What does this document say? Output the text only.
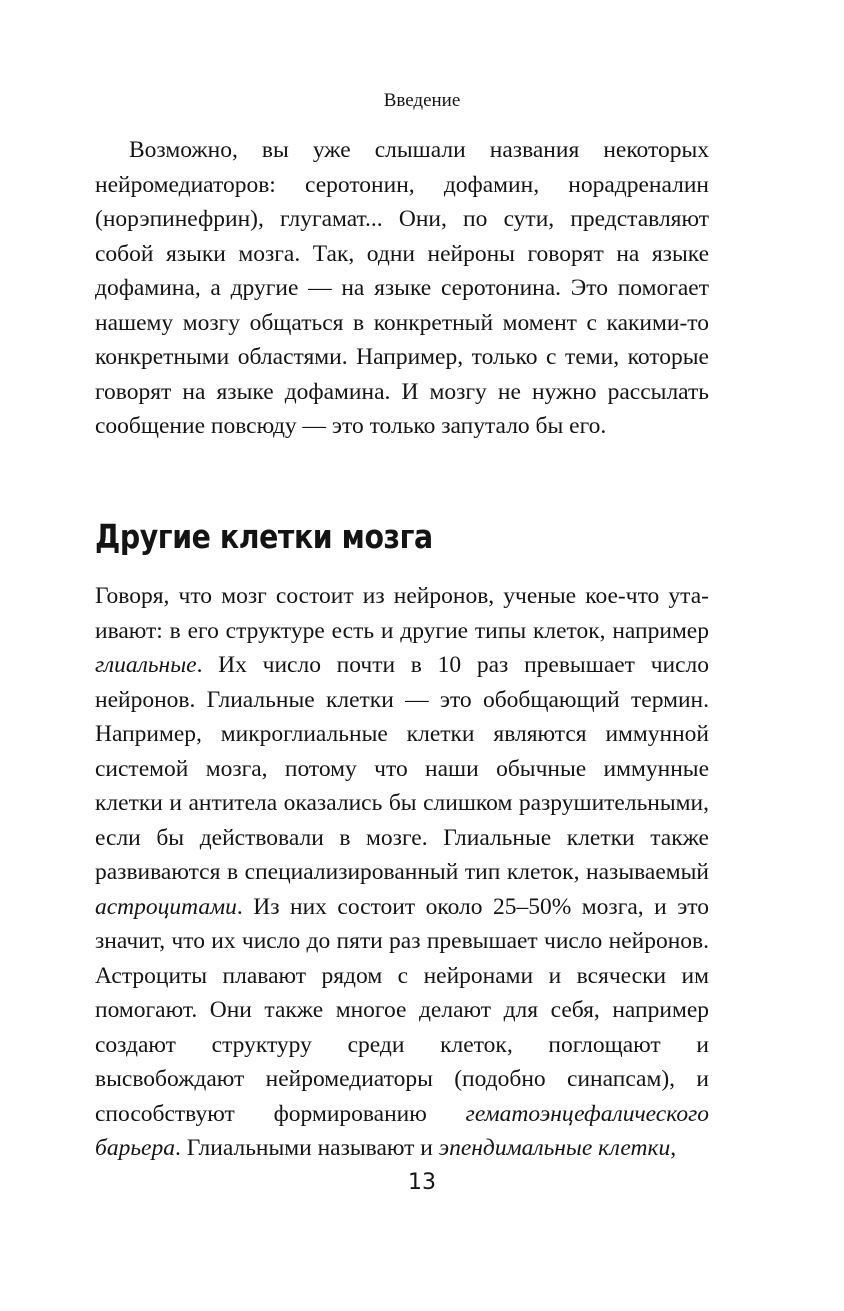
Введение

Возможно, вы уже слышали названия некоторых нейромедиаторов: серотонин, дофамин, норадреналин (норэпинефрин), глугамат... Они, по сути, представляют собой языки мозга. Так, одни нейроны говорят на языке дофамина, а другие — на языке серотонина. Это помогает нашему мозгу общаться в конкретный момент с какими-то конкретными областями. Например, только с теми, которые говорят на языке дофамина. И мозгу не нужно рассылать сообщение повсюду — это только запутало бы его.

Другие клетки мозга

Говоря, что мозг состоит из нейронов, ученые кое-что утаивают: в его структуре есть и другие типы клеток, например глиальные. Их число почти в 10 раз превышает число нейронов. Глиальные клетки — это обобщающий термин. Например, микроглиальные клетки являются иммунной системой мозга, потому что наши обычные иммунные клетки и антитела оказались бы слишком разрушительными, если бы действовали в мозге. Глиальные клетки также развиваются в специализированный тип клеток, называемый астроцитами. Из них состоит около 25–50% мозга, и это значит, что их число до пяти раз превышает число нейронов. Астроциты плавают рядом с нейронами и всячески им помогают. Они также многое делают для себя, например создают структуру среди клеток, поглощают и высвобождают нейромедиаторы (подобно синапсам), и способствуют формированию гематоэнцефалического барьера. Глиальными называют и эпендимальные клетки,

13
